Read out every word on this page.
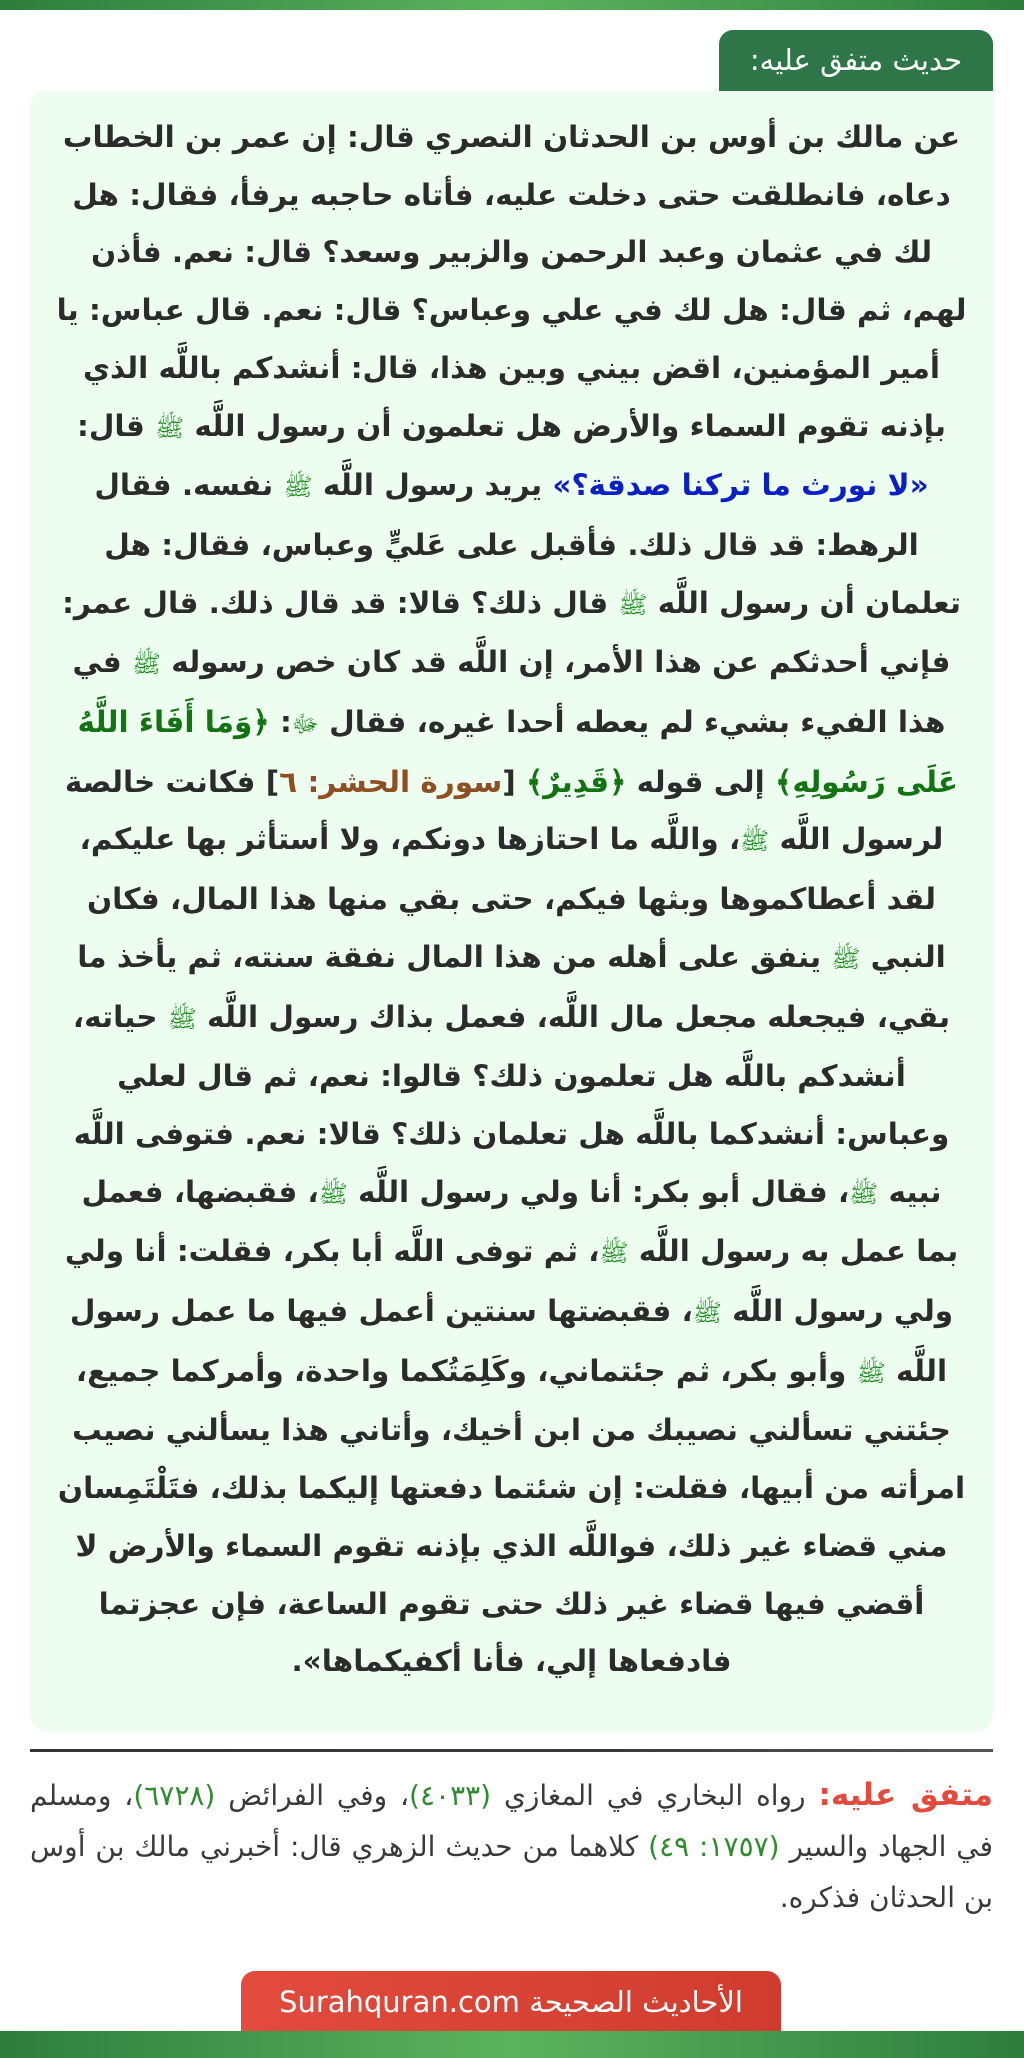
حديث متفق عليه:

عن مالك بن أوس بن الحدثان النصري قال: إن عمر بن الخطاب دعاه، فانطلقت حتى دخلت عليه، فأتاه حاجبه يرفأ، فقال: هل لك في عثمان وعبد الرحمن والزبير وسعد؟ قال: نعم. فأذن لهم، ثم قال: هل لك في علي وعباس؟ قال: نعم. قال عباس: يا أمير المؤمنين، اقض بيني وبين هذا، قال: أنشدكم باللَّه الذي بإذنه تقوم السماء والأرض هل تعلمون أن رسول اللَّه ﷺ قال: «لا نورث ما تركنا صدقة؟» يريد رسول اللَّه ﷺ نفسه. فقال الرهط: قد قال ذلك. فأقبل على عَليٍّ وعباس، فقال: هل تعلمان أن رسول اللَّه ﷺ قال ذلك؟ قالا: قد قال ذلك. قال عمر: فإني أحدثكم عن هذا الأمر، إن اللَّه قد كان خص رسوله ﷺ في هذا الفيء بشيء لم يعطه أحدا غيره، فقال ﷻ: ﴿وَمَا أَفَاءَ اللَّهُ عَلَى رَسُولِهِ﴾ إلى قوله ﴿قَدِيرٌ﴾ [سورة الحشر: ٦] فكانت خالصة لرسول اللَّه ﷺ، واللَّه ما احتازها دونكم، ولا أستأثر بها عليكم، لقد أعطاكموها وبثها فيكم، حتى بقي منها هذا المال، فكان النبي ﷺ ينفق على أهله من هذا المال نفقة سنته، ثم يأخذ ما بقي، فيجعله مجعل مال اللَّه، فعمل بذاك رسول اللَّه ﷺ حياته، أنشدكم باللَّه هل تعلمون ذلك؟ قالوا: نعم، ثم قال لعلي وعباس: أنشدكما باللَّه هل تعلمان ذلك؟ قالا: نعم. فتوفى اللَّه نبيه ﷺ، فقال أبو بكر: أنا ولي رسول اللَّه ﷺ، فقبضها، فعمل بما عمل به رسول اللَّه ﷺ، ثم توفى اللَّه أبا بكر، فقلت: أنا ولي ولي رسول اللَّه ﷺ، فقبضتها سنتين أعمل فيها ما عمل رسول اللَّه ﷺ وأبو بكر، ثم جئتماني، وكَلِمَتُكما واحدة، وأمركما جميع، جئتني تسألني نصيبك من ابن أخيك، وأتاني هذا يسألني نصيب امرأته من أبيها، فقلت: إن شئتما دفعتها إليكما بذلك، فتَلْتَمِسان مني قضاء غير ذلك، فواللَّه الذي بإذنه تقوم السماء والأرض لا أقضي فيها قضاء غير ذلك حتى تقوم الساعة، فإن عجزتما فادفعاها إلي، فأنا أكفيكماها».

متفق عليه: رواه البخاري في المغازي (٤٠٣٣)، وفي الفرائض (٦٧٢٨)، ومسلم في الجهاد والسير (١٧٥٧: ٤٩) كلاهما من حديث الزهري قال: أخبرني مالك بن أوس بن الحدثان فذكره.

الأحاديث الصحيحة Surahquran.com
